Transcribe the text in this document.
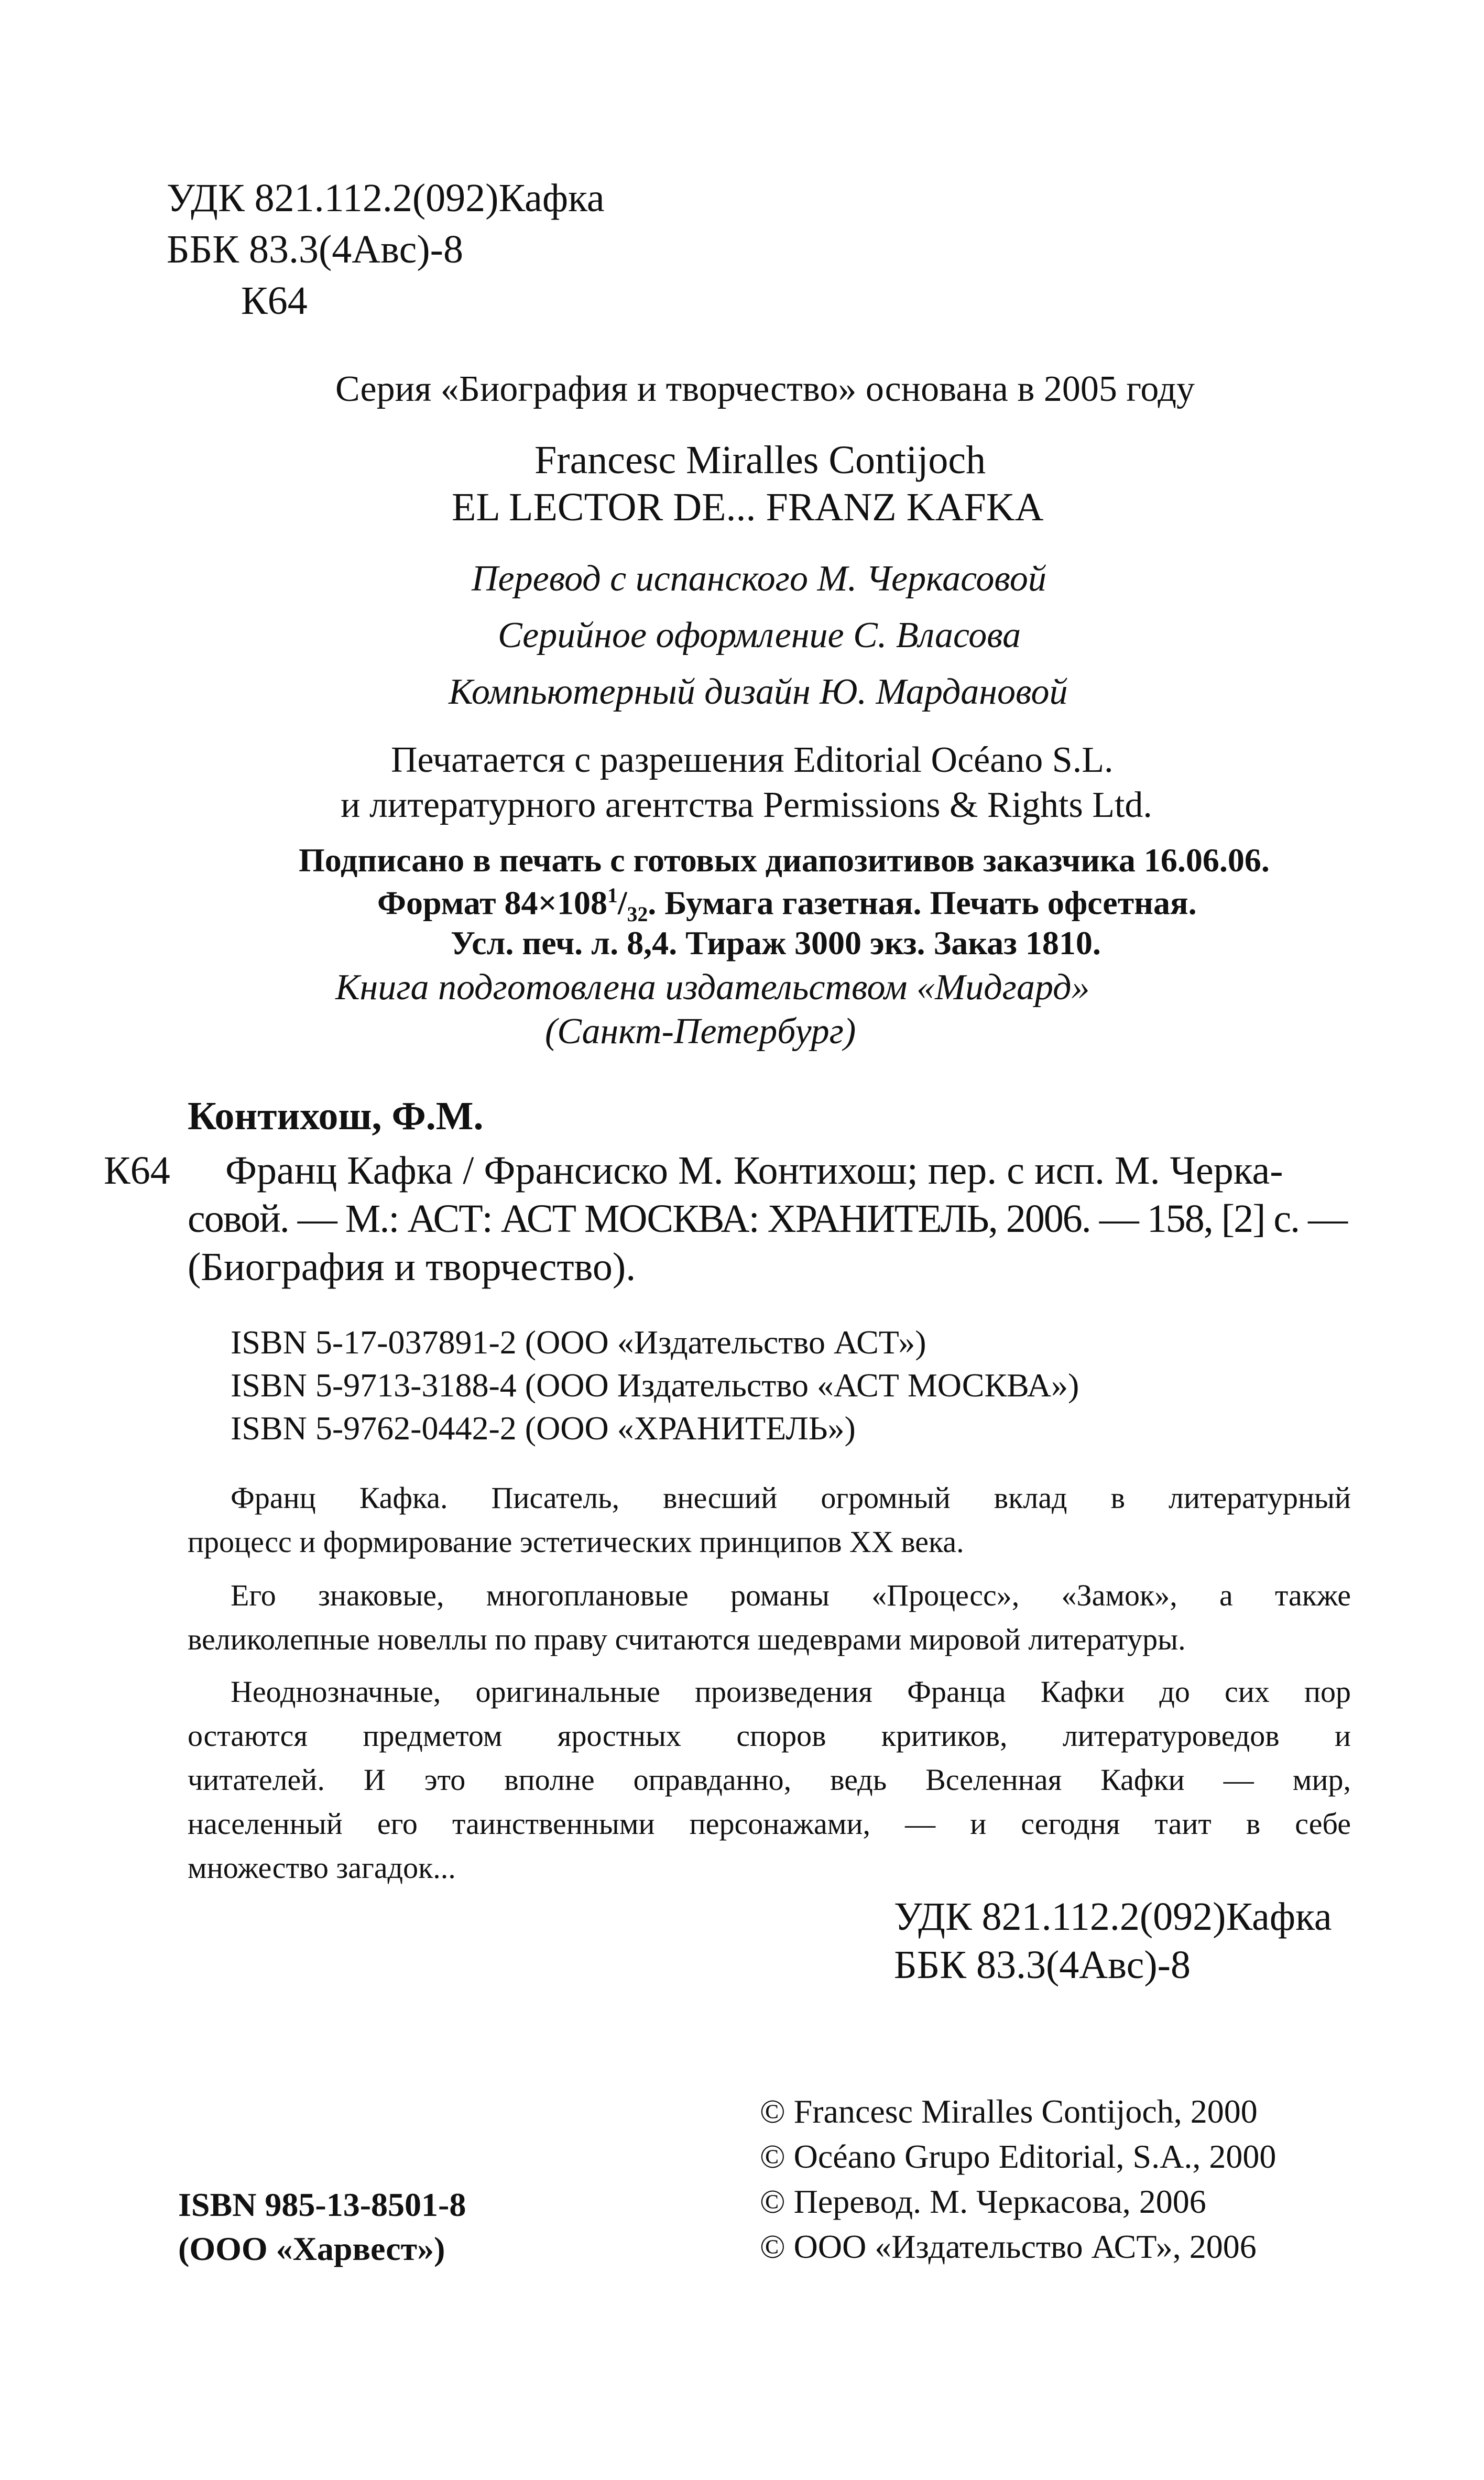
УДК 821.112.2(092)Кафка
ББК 83.3(4Авс)-8
К64
Серия «Биография и творчество» основана в 2005 году
Francesc Miralles Contijoch
EL LECTOR DE... FRANZ KAFKA
Перевод с испанского М. Черкасовой
Серийное оформление С. Власова
Компьютерный дизайн Ю. Мардановой
Печатается с разрешения Editorial Océano S.L.
и литературного агентства Permissions & Rights Ltd.
Подписано в печать с готовых диапозитивов заказчика 16.06.06.
Формат $84\times 108^1/_{32}$. Бумага газетная. Печать офсетная.
Усл. печ. л. 8,4. Тираж 3000 экз. Заказ 1810.
Книга подготовлена издательством «Мидгард»
(Санкт-Петербург)
Контихош, Ф.М.
К64 Франц Кафка / Франсиско М. Контихош; пер. с исп. М. Черка-
совой. — М.: АСТ: АСТ МОСКВА: ХРАНИТЕЛЬ, 2006. — 158, [2] с. —
(Биография и творчество).
ISBN 5-17-037891-2 (ООО «Издательство АСТ»)
ISBN 5-9713-3188-4 (ООО Издательство «АСТ МОСКВА»)
ISBN 5-9762-0442-2 (ООО «ХРАНИТЕЛЬ»)
Франц Кафка. Писатель, внесший огромный вклад в литературный
процесс и формирование эстетических принципов XX века.
Его знаковые, многоплановые романы «Процесс», «Замок», а также
великолепные новеллы по праву считаются шедеврами мировой литературы.
Неоднозначные, оригинальные произведения Франца Кафки до сих пор
остаются предметом яростных споров критиков, литературоведов и
читателей. И это вполне оправданно, ведь Вселенная Кафки — мир,
населенный его таинственными персонажами, — и сегодня таит в себе
множество загадок...
УДК 821.112.2(092)Кафка
ББК 83.3(4Авс)-8
© Francesc Miralles Contijoch, 2000
© Océano Grupo Editorial, S.A., 2000
© Перевод. М. Черкасова, 2006
© ООО «Издательство АСТ», 2006
ISBN 985-13-8501-8
(ООО «Харвест»)
